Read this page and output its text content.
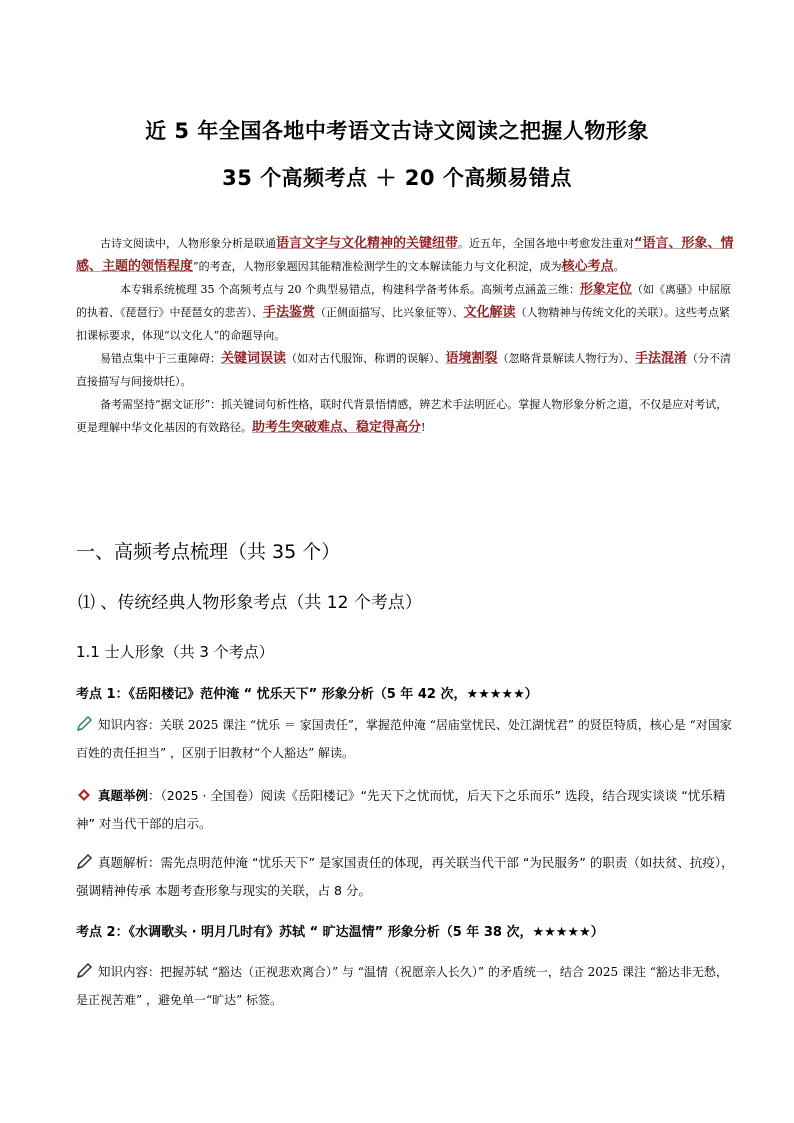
近 5 年全国各地中考语文古诗文阅读之把握人物形象
35 个高频考点 ＋ 20 个高频易错点

古诗文阅读中，人物形象分析是联通语言文字与文化精神的关键纽带。近五年，全国各地中考愈发注重对“语言、形象、情感、主题的领悟程度”的考查，人物形象题因其能精准检测学生的文本解读能力与文化积淀，成为核心考点。

本专辑系统梳理 35 个高频考点与 20 个典型易错点，构建科学备考体系。高频考点涵盖三维：形象定位（如《离骚》中屈原的执着、《琵琶行》中琵琶女的悲苦）、手法鉴赏（正侧面描写、比兴象征等）、文化解读（人物精神与传统文化的关联）。这些考点紧扣课标要求，体现“以文化人”的命题导向。

易错点集中于三重障碍：关键词误读（如对古代服饰、称谓的误解）、语境割裂（忽略背景解读人物行为）、手法混淆（分不清直接描写与间接烘托）。

备考需坚持“据文证形”：抓关键词句析性格，联时代背景悟情感，辨艺术手法明匠心。掌握人物形象分析之道，不仅是应对考试，更是理解中华文化基因的有效路径。助考生突破难点、稳定得高分!

一、高频考点梳理（共 35 个）
⑴ 、传统经典人物形象考点（共 12 个考点）
1.1 士人形象（共 3 个考点）
考点 1：《岳阳楼记》范仲淹 “ 忧乐天下” 形象分析（5 年 42 次，★★★★★）
知识内容：关联 2025 课注 “忧乐 ＝ 家国责任”，掌握范仲淹 “居庙堂忧民、处江湖忧君” 的贤臣特质，核心是 “对国家百姓的责任担当” ，区别于旧教材“个人豁达” 解读。
真题举例：（2025 · 全国卷）阅读《岳阳楼记》“先天下之忧而忧，后天下之乐而乐” 选段，结合现实谈谈 “忧乐精神” 对当代干部的启示。
真题解析：需先点明范仲淹 “忧乐天下” 是家国责任的体现，再关联当代干部 “为民服务” 的职责（如扶贫、抗疫），强调精神传承 本题考查形象与现实的关联，占 8 分。
考点 2：《水调歌头 · 明月几时有》苏轼 “ 旷达温情” 形象分析（5 年 38 次，★★★★★）
知识内容：把握苏轼 “豁达（正视悲欢离合）” 与 “温情（祝愿亲人长久）” 的矛盾统一，结合 2025 课注 “豁达非无愁，是正视苦难” ，避免单一“旷达” 标签。
